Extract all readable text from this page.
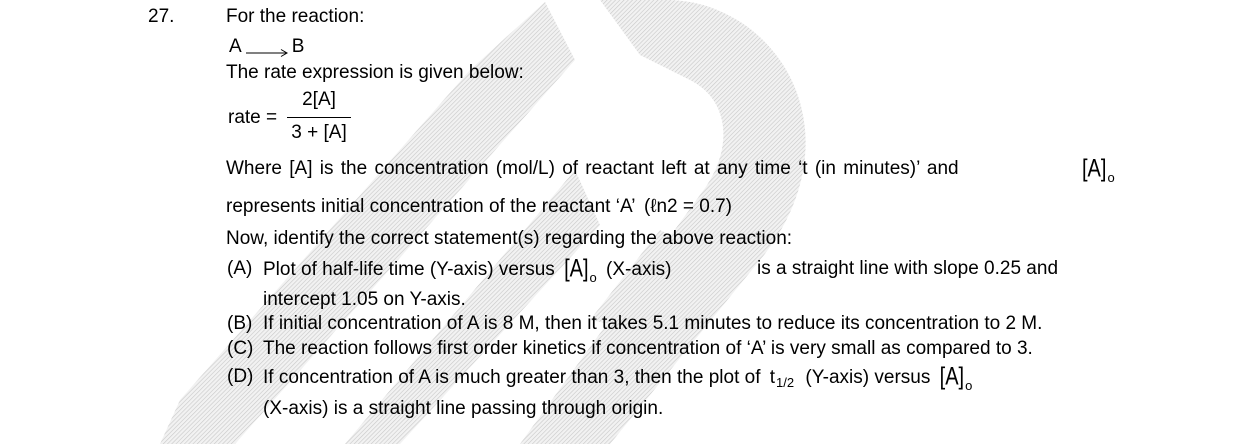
27.	For the reaction:
A → B
The rate expression is given below:
rate =
2[A]
3 + [A]
Where [A] is the concentration (mol/L) of reactant left at any time ‘t (in minutes)’ and	$[A]_o$
represents initial concentration of the reactant ‘A’ (ℓn2 = 0.7)
Now, identify the correct statement(s) regarding the above reaction:
(A) Plot of half-life time (Y-axis) versus $[A]_o$ (X-axis)	is a straight line with slope 0.25 and
intercept 1.05 on Y-axis.
(B) If initial concentration of A is 8 M, then it takes 5.1 minutes to reduce its concentration to 2 M.
(C) The reaction follows first order kinetics if concentration of ‘A’ is very small as compared to 3.
(D) If concentration of A is much greater than 3, then the plot of $t_{1/2}$ (Y-axis) versus $[A]_o$
(X-axis) is a straight line passing through origin.
